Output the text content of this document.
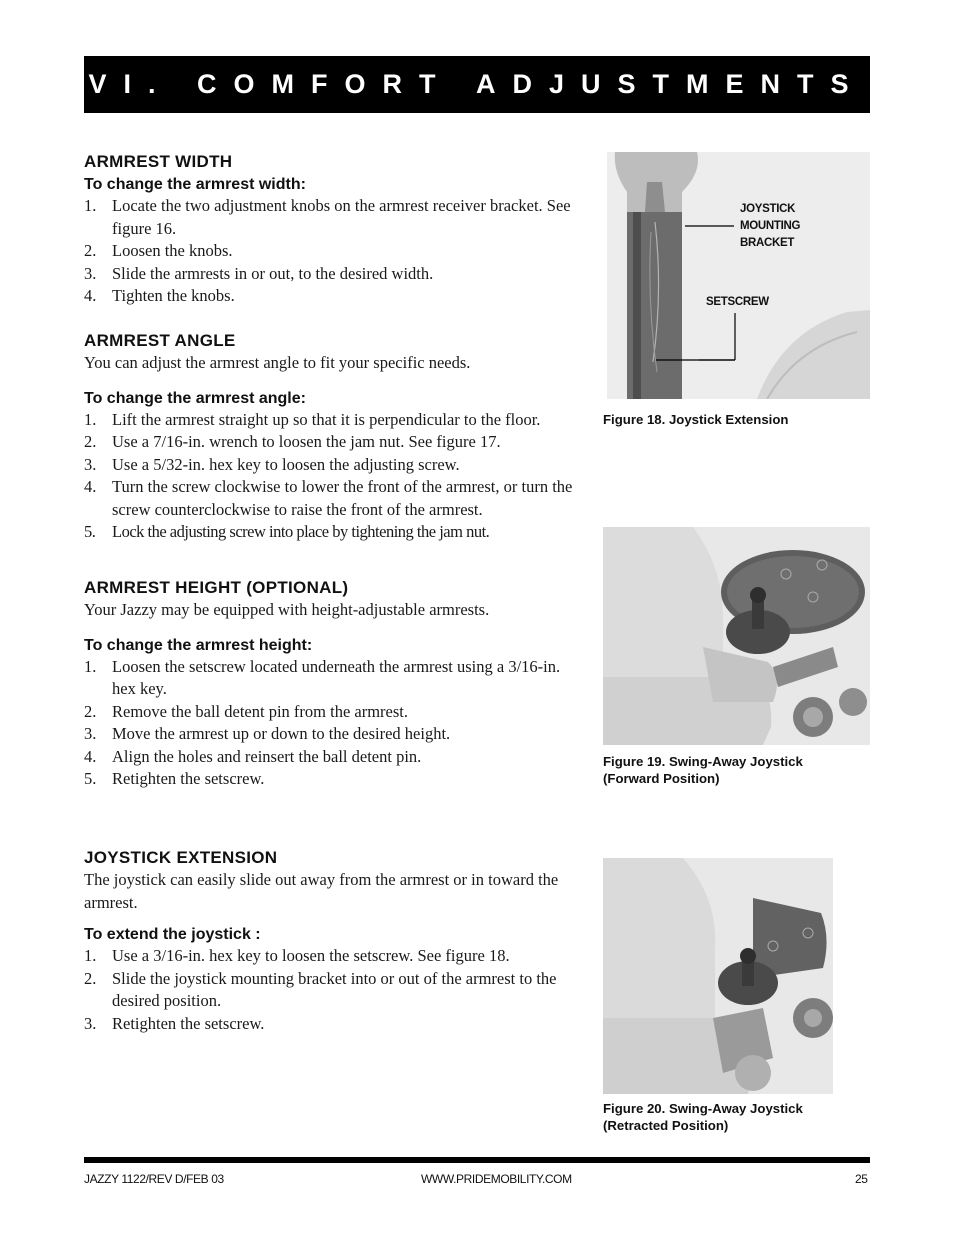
VI. COMFORT ADJUSTMENTS
ARMREST WIDTH
To change the armrest width:
1. Locate the two adjustment knobs on the armrest receiver bracket. See figure 16.
2. Loosen the knobs.
3. Slide the armrests in or out, to the desired width.
4. Tighten the knobs.
ARMREST ANGLE

You can adjust the armrest angle to fit your specific needs.

To change the armrest angle:
1. Lift the armrest straight up so that it is perpendicular to the floor.
2. Use a 7/16-in. wrench to loosen the jam nut. See figure 17.
3. Use a 5/32-in. hex key to loosen the adjusting screw.
4. Turn the screw clockwise to lower the front of the armrest, or turn the screw counterclockwise to raise the front of the armrest.
5. Lock the adjusting screw into place by tightening the jam nut.
ARMREST HEIGHT (OPTIONAL)

Your Jazzy may be equipped with height-adjustable armrests.

To change the armrest height:
1. Loosen the setscrew located underneath the armrest using a 3/16-in. hex key.
2. Remove the ball detent pin from the armrest.
3. Move the armrest up or down to the desired height.
4. Align the holes and reinsert the ball detent pin.
5. Retighten the setscrew.
JOYSTICK EXTENSION

The joystick can easily slide out away from the armrest or in toward the armrest.

To extend the joystick :
1. Use a 3/16-in. hex key to loosen the setscrew. See figure 18.
2. Slide the joystick mounting bracket into or out of the armrest to the desired position.
3. Retighten the setscrew.
JOYSTICK
MOUNTING
BRACKET
SETSCREW
Figure 18. Joystick Extension
Figure 19. Swing-Away Joystick
(Forward Position)
Figure 20. Swing-Away Joystick
(Retracted Position)
JAZZY 1122/REV D/FEB 03	WWW.PRIDEMOBILITY.COM	25
